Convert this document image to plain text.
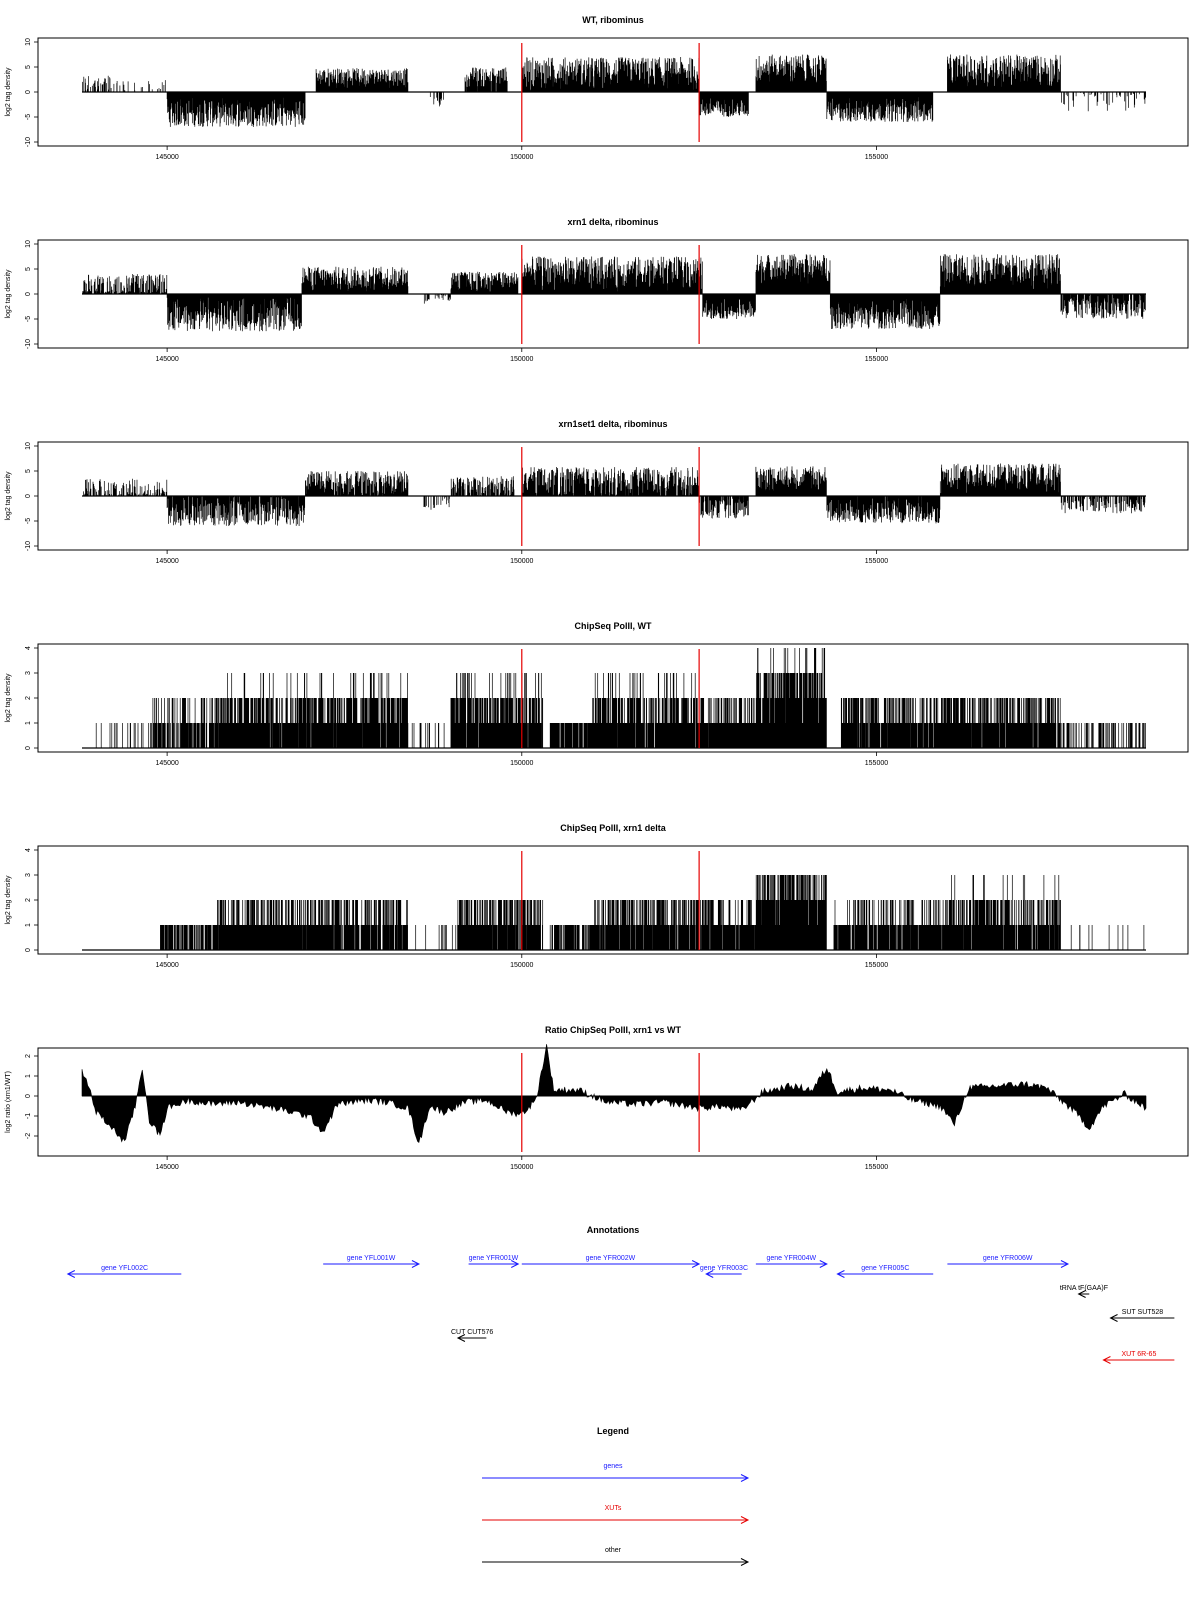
WT, ribominus
log2 tag density
-10
-5
0
5
10
145000	150000	155000
xrn1 delta, ribominus
log2 tag density
-10
-5
0
5
10
145000	150000	155000
xrn1set1 delta, ribominus
log2 tag density
-10
-5
0
5
10
145000	150000	155000
ChipSeq PolII, WT
log2 tag density
0
1
2
3
4
145000	150000	155000
ChipSeq PolII, xrn1 delta
log2 tag density
0
1
2
3
4
145000	150000	155000
Ratio ChipSeq PolII, xrn1 vs WT
log2 ratio (xrn1/WT)
-2
-1
0
1
2
145000	150000	155000
Annotations
gene YFL002C
gene YFL001W	gene YFR001W	gene YFR002W
gene YFR003C
gene YFR004W
gene YFR005C
gene YFR006W
tRNA tF(GAA)F
SUT SUT528
CUT CUT576
XUT 6R-65
Legend
genes
XUTs
other
